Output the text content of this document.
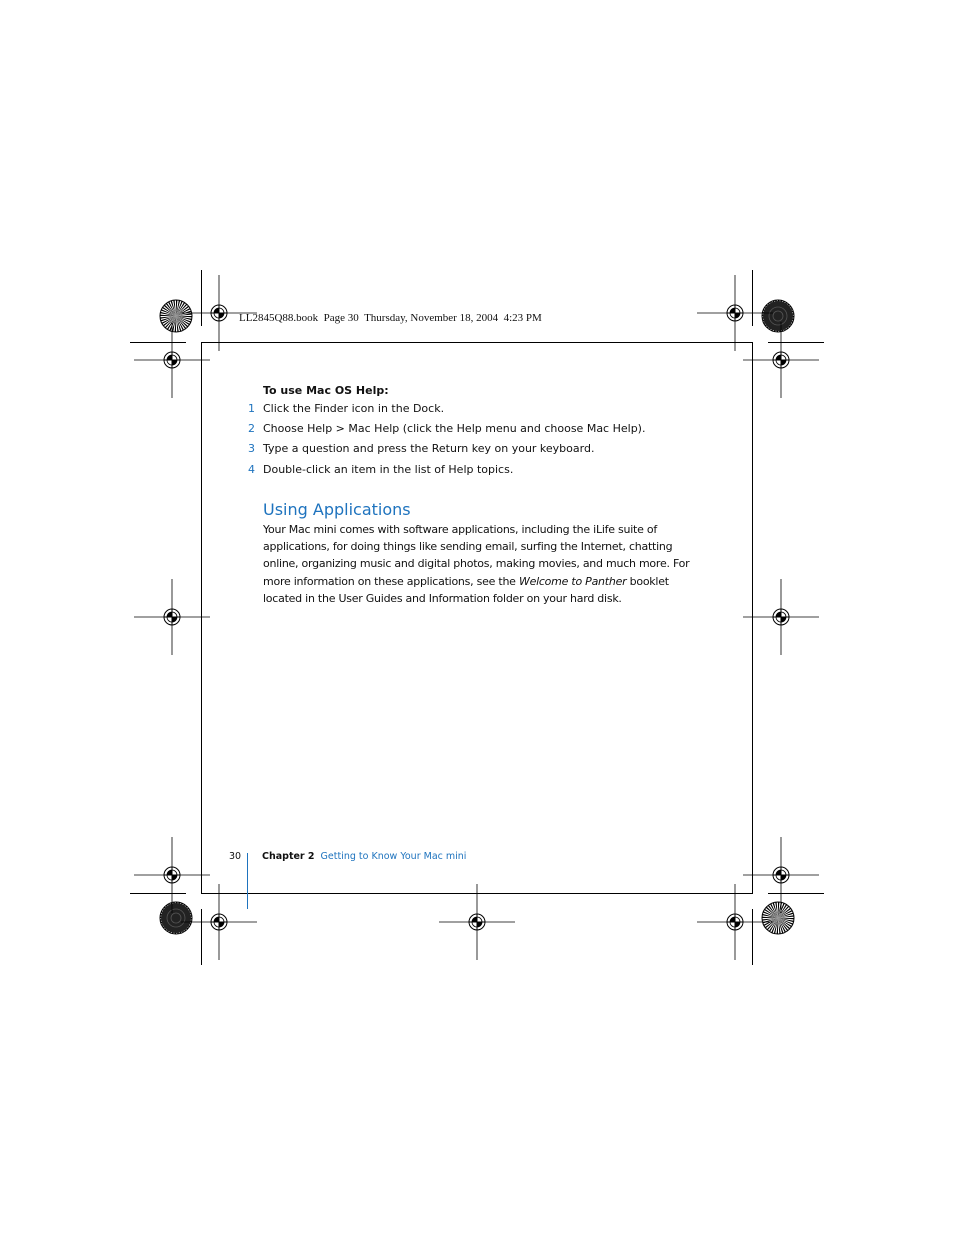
LL2845Q88.book  Page 30  Thursday, November 18, 2004  4:23 PM

To use Mac OS Help:

1 Click the Finder icon in the Dock.
2 Choose Help > Mac Help (click the Help menu and choose Mac Help).
3 Type a question and press the Return key on your keyboard.
4 Double-click an item in the list of Help topics.
Using Applications

Your Mac mini comes with software applications, including the iLife suite of applications, for doing things like sending email, surfing the Internet, chatting online, organizing music and digital photos, making movies, and much more. For more information on these applications, see the Welcome to Panther booklet located in the User Guides and Information folder on your hard disk.

30 Chapter 2 Getting to Know Your Mac mini
